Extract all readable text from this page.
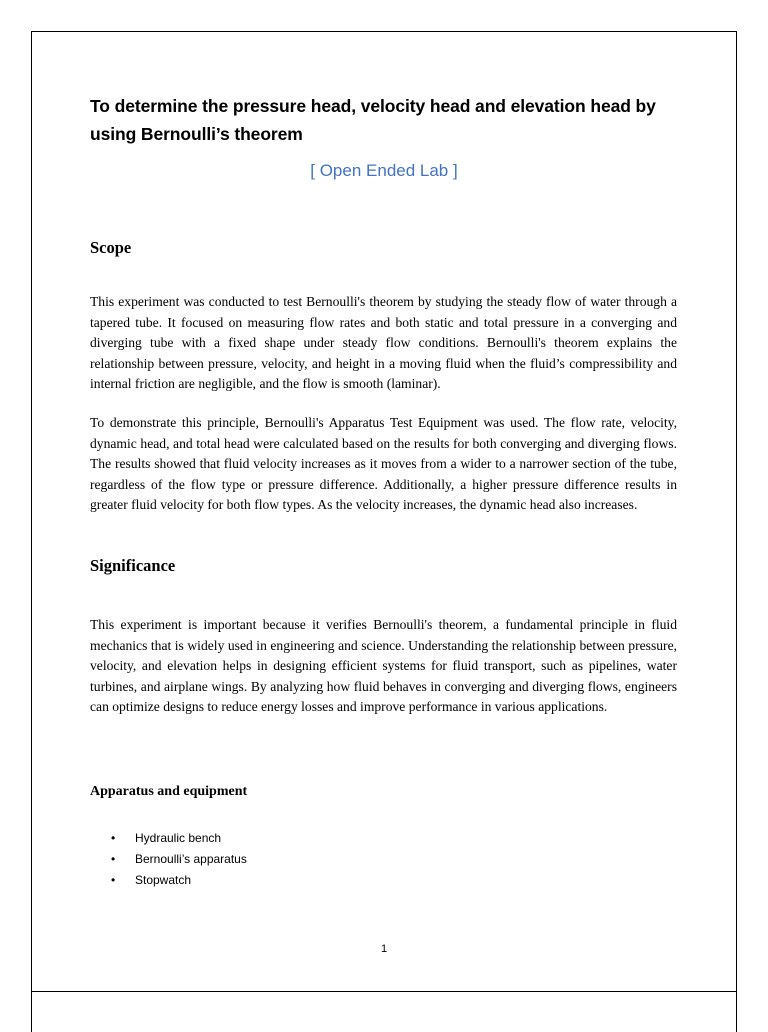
To determine the pressure head, velocity head and elevation head by using Bernoulli’s theorem
[ Open Ended Lab ]
Scope

This experiment was conducted to test Bernoulli's theorem by studying the steady flow of water through a tapered tube. It focused on measuring flow rates and both static and total pressure in a converging and diverging tube with a fixed shape under steady flow conditions. Bernoulli's theorem explains the relationship between pressure, velocity, and height in a moving fluid when the fluid’s compressibility and internal friction are negligible, and the flow is smooth (laminar).

To demonstrate this principle, Bernoulli's Apparatus Test Equipment was used. The flow rate, velocity, dynamic head, and total head were calculated based on the results for both converging and diverging flows. The results showed that fluid velocity increases as it moves from a wider to a narrower section of the tube, regardless of the flow type or pressure difference. Additionally, a higher pressure difference results in greater fluid velocity for both flow types. As the velocity increases, the dynamic head also increases.

Significance

This experiment is important because it verifies Bernoulli's theorem, a fundamental principle in fluid mechanics that is widely used in engineering and science. Understanding the relationship between pressure, velocity, and elevation helps in designing efficient systems for fluid transport, such as pipelines, water turbines, and airplane wings. By analyzing how fluid behaves in converging and diverging flows, engineers can optimize designs to reduce energy losses and improve performance in various applications.

Apparatus and equipment
• Hydraulic bench
• Bernoulli’s apparatus
• Stopwatch
1
